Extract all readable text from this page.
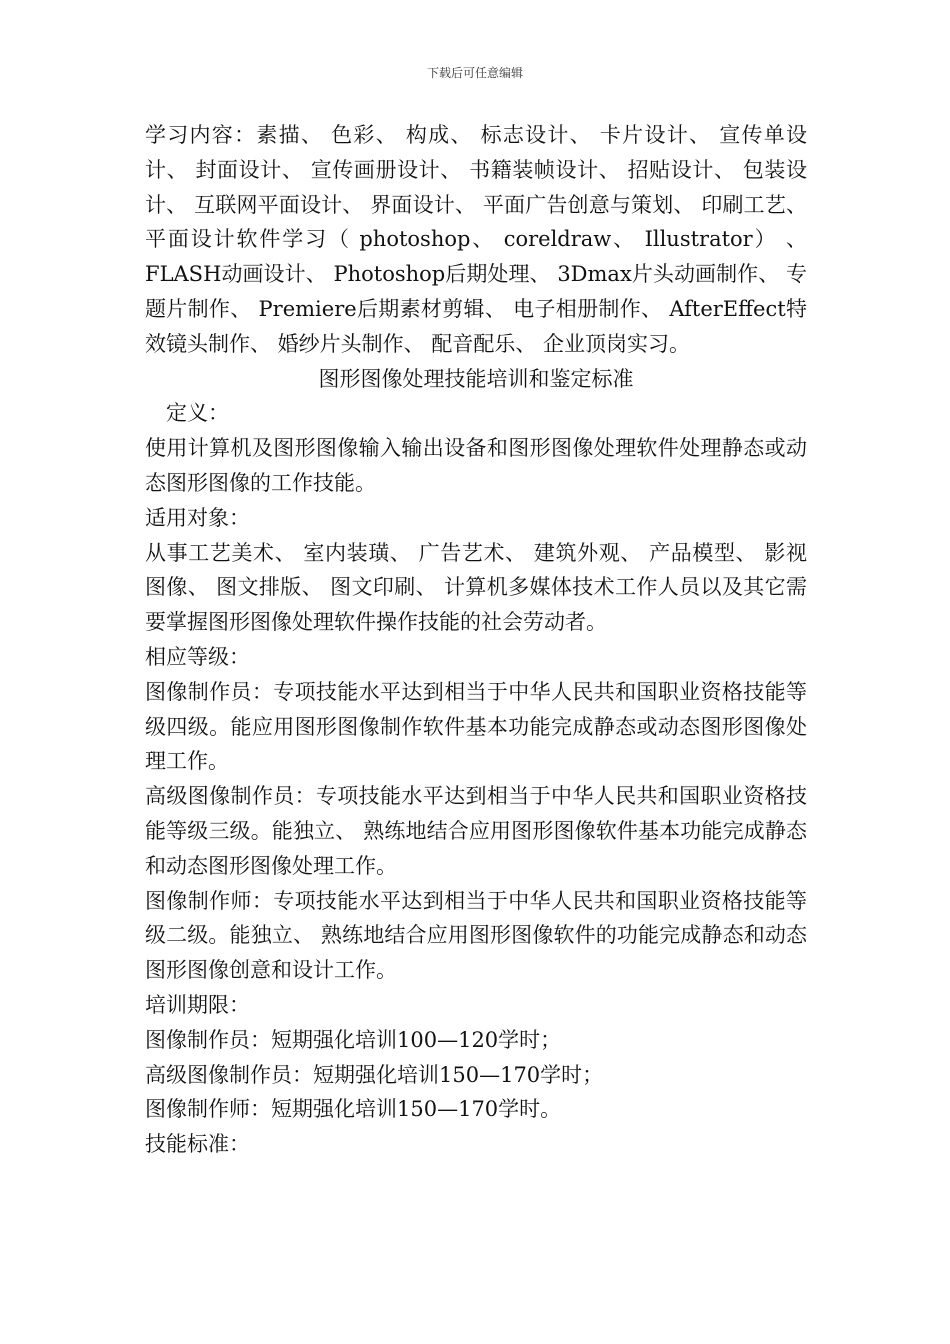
下载后可任意编辑

学习内容：素描、 色彩、 构成、 标志设计、 卡片设计、 宣传单设计、 封面设计、 宣传画册设计、 书籍装帧设计、 招贴设计、 包装设计、 互联网平面设计、 界面设计、 平面广告创意与策划、 印刷工艺、 平面设计软件学习（ photoshop、 coreldraw、 Illustrator） 、 FLASH动画设计、 Photoshop后期处理、 3Dmax片头动画制作、 专题片制作、 Premiere后期素材剪辑、 电子相册制作、 AfterEffect特效镜头制作、 婚纱片头制作、 配音配乐、 企业顶岗实习。

图形图像处理技能培训和鉴定标准

定义：

使用计算机及图形图像输入输出设备和图形图像处理软件处理静态或动态图形图像的工作技能。

适用对象：

从事工艺美术、 室内装璜、 广告艺术、 建筑外观、 产品模型、 影视图像、 图文排版、 图文印刷、 计算机多媒体技术工作人员以及其它需要掌握图形图像处理软件操作技能的社会劳动者。

相应等级：

图像制作员：专项技能水平达到相当于中华人民共和国职业资格技能等级四级。能应用图形图像制作软件基本功能完成静态或动态图形图像处理工作。

高级图像制作员：专项技能水平达到相当于中华人民共和国职业资格技能等级三级。能独立、 熟练地结合应用图形图像软件基本功能完成静态和动态图形图像处理工作。

图像制作师：专项技能水平达到相当于中华人民共和国职业资格技能等级二级。能独立、 熟练地结合应用图形图像软件的功能完成静态和动态图形图像创意和设计工作。

培训期限：

图像制作员：短期强化培训100—120学时；

高级图像制作员：短期强化培训150—170学时；

图像制作师：短期强化培训150—170学时。

技能标准：
